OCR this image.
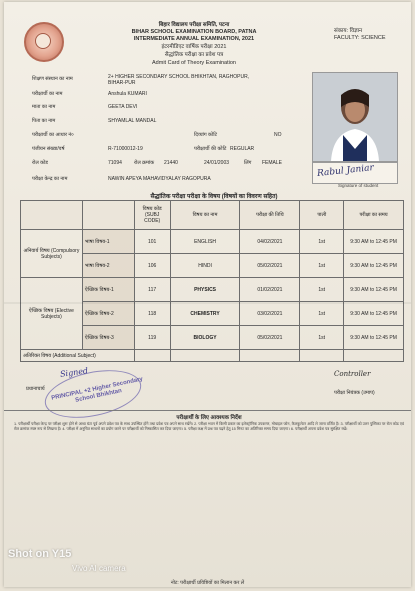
बिहार विद्यालय परीक्षा समिति, पटना
BIHAR SCHOOL EXAMINATION BOARD, PATNA
INTERMEDIATE ANNUAL EXAMINATION, 2021
इंटरमीडिएट वार्षिक परीक्षा 2021
सैद्धांतिक परीक्षा का प्रवेश पत्र
Admit Card of Theory Examination
संकाय: विज्ञान
FACULTY: SCIENCE
Rabul Janiar
Signature of student
शिक्षण संस्थान का नाम	2+ HIGHER SECONDARY SCHOOL BHIKHTAN, RAGHOPUR, BIHAR-PUR
परीक्षार्थी का नाम	Anshula KUMARI
माता का नाम	GEETA DEVI
पिता का नाम	SHYAMLAL MANDAL
परीक्षार्थी का आधार नं०	दिव्यांग कोटि	NO
पंजीयन संख्या/वर्ष	R-71000012-19	परीक्षार्थी की कोटि REGULAR
रोल कोड	71094 रोल क्रमांक 21440	24/01/2003	लिंग FEMALE
परीक्षा केन्द्र का नाम	NAWIN APEYA MAHAVIDYALAY RAGOPURA
सैद्धांतिक परीक्षा परीक्षा के विषय (विषयों का विवरण सहित)
		विषय कोड (SUBJ CODE)	विषय का नाम	परीक्षा की तिथि	पाली	परीक्षा का समय
अनिवार्य विषय (Compulsory Subjects)	भाषा विषय-1	101	ENGLISH	04/02/2021	1st	9:30 AM to 12:45 PM
	भाषा विषय-2	106	HINDI	05/02/2021	1st	9:30 AM to 12:45 PM
ऐच्छिक विषय (Elective Subjects)	ऐच्छिक विषय-1	117	PHYSICS	01/02/2021	1st	9:30 AM to 12:45 PM
	ऐच्छिक विषय-2	118	CHEMISTRY	03/02/2021	1st	9:30 AM to 12:45 PM
	ऐच्छिक विषय-3	119	BIOLOGY	05/02/2021	1st	9:30 AM to 12:45 PM
अतिरिक्त विषय (Additional Subject)						
PRINCIPAL +2 Higher Secondary School Bhikhtan
Signed
प्रधानाचार्य
Controller
परीक्षा नियंत्रक (उमाप)
परीक्षार्थी के लिए आवश्यक निर्देश
1. परीक्षार्थी परीक्षा केन्द्र पर परीक्षा शुरू होने से आधा घंटा पूर्व अपने प्रवेश पत्र के साथ उपस्थित होंगे तथा प्रवेश पत्र अपने साथ रखेंगे। 2. परीक्षा भवन में किसी प्रकार का इलेक्ट्रॉनिक उपकरण, मोबाइल फोन, कैलकुलेटर आदि ले जाना वर्जित है। 3. परीक्षार्थी को उत्तर पुस्तिका पर रोल कोड एवं रोल क्रमांक स्पष्ट रूप से लिखना है। 4. परीक्षा में अनुचित साधनों का प्रयोग करने पर परीक्षार्थी को निष्कासित कर दिया जाएगा। 5. परीक्षा कक्ष में प्रश्न पत्र पढ़ने हेतु 15 मिनट का अतिरिक्त समय दिया जाएगा। 6. परीक्षार्थी अपना प्रवेश पत्र सुरक्षित रखें।
Shot on Y15
Vivo AI camera
नोट: परीक्षार्थी प्रविष्टियों का मिलान कर लें
